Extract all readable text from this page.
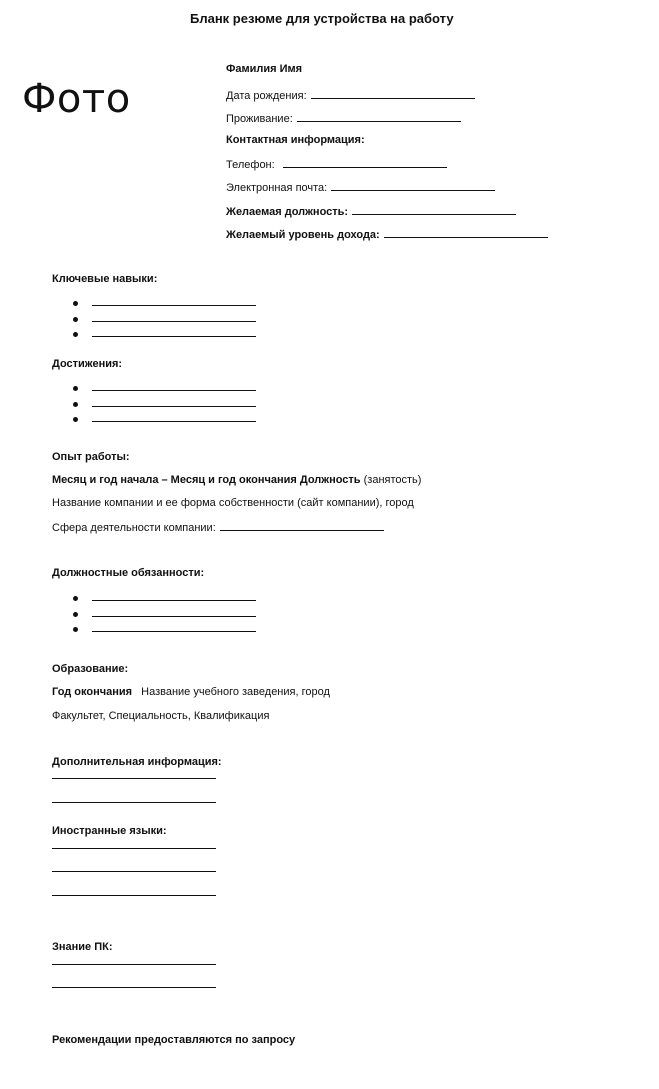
Бланк резюме для устройства на работу
Фото
Фамилия Имя
Дата рождения:
Проживание:
Контактная информация:
Телефон:
Электронная почта:
Желаемая должность:
Желаемый уровень дохода:
Ключевые навыки:
Достижения:
Опыт работы:
Месяц и год начала – Месяц и год окончания Должность (занятость)
Название компании и ее форма собственности (сайт компании), город
Сфера деятельности компании:
Должностные обязанности:
Образование:
Год окончания Название учебного заведения, город
Факультет, Специальность, Квалификация
Дополнительная информация:
Иностранные языки:
Знание ПК:
Рекомендации предоставляются по запросу
